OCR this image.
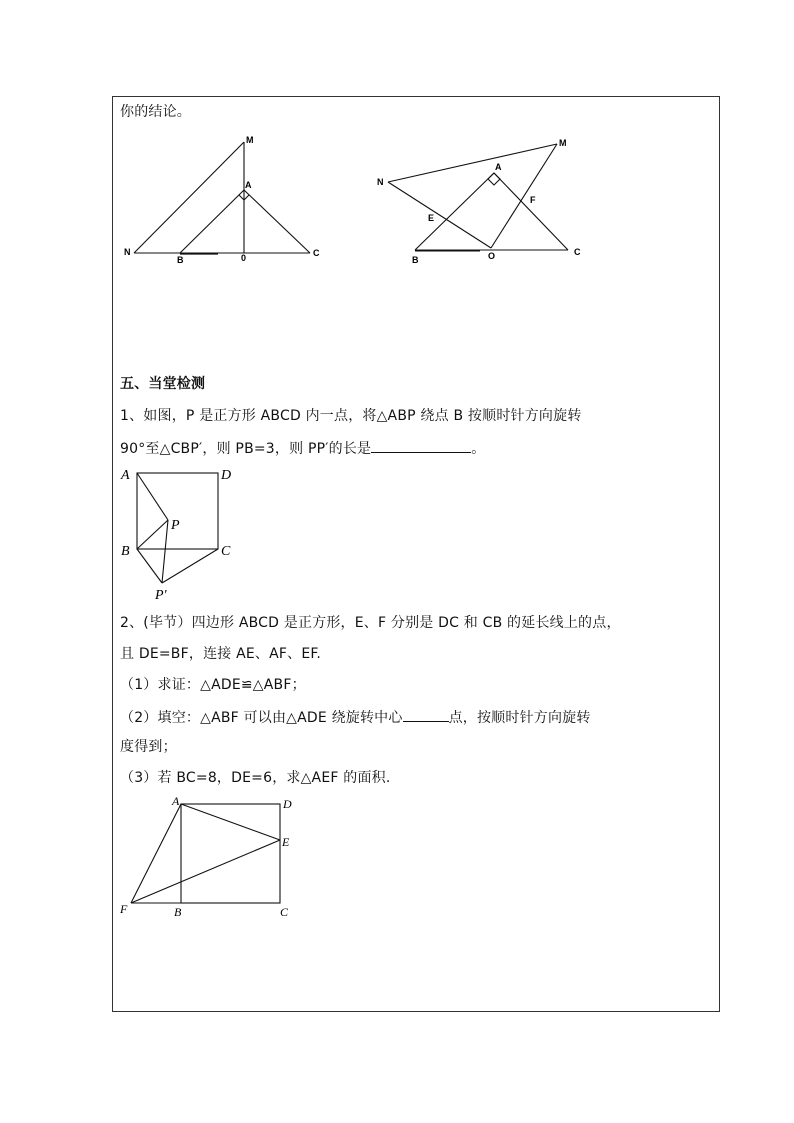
你的结论。
M
A
N
B	0	C
M
A
N
E
F
B	O	C
五、当堂检测
1、如图，P 是正方形 ABCD 内一点，将△ABP 绕点 B 按顺时针方向旋转
90°至△CBP′，则 PB=3，则 PP′的长是	。
A	D
P
B	C
P′
2、(毕节）四边形 ABCD 是正方形，E、F 分别是 DC 和 CB 的延长线上的点，
且 DE=BF，连接 AE、AF、EF.
（1）求证：△ADE≌△ABF；
（2）填空：△ABF 可以由△ADE 绕旋转中心	点，按顺时针方向旋转
度得到；
（3）若 BC=8，DE=6，求△AEF 的面积.
A	D
E
F	B	C
